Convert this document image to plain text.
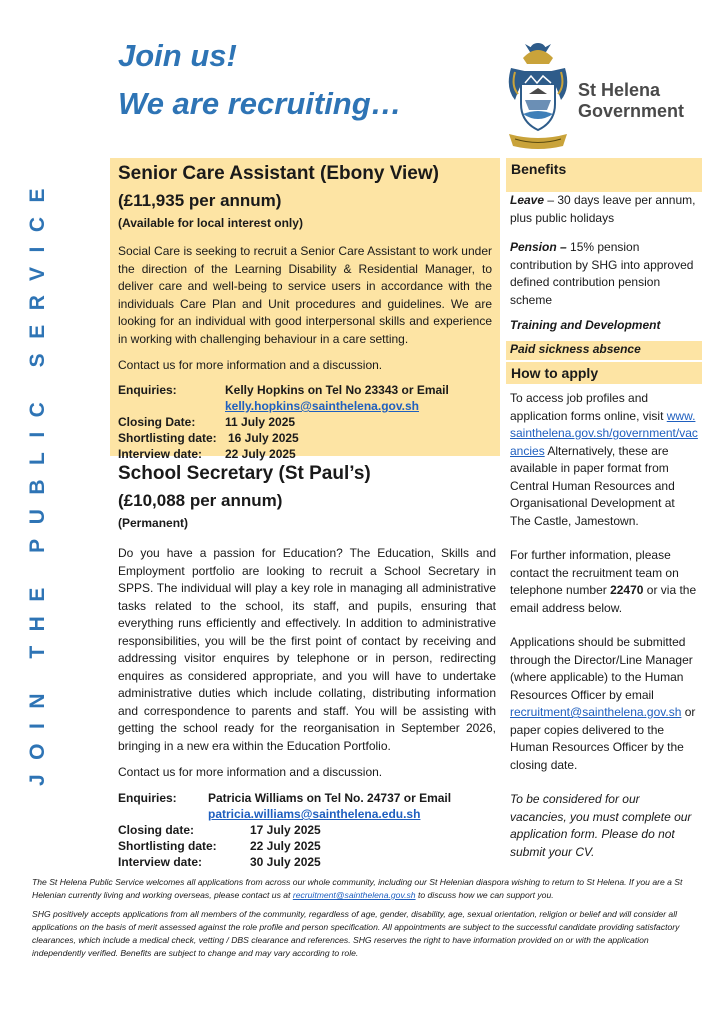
JOIN THE PUBLIC SERVICE
Join us!
We are recruiting…	St Helena
Government
Senior Care Assistant (Ebony View)
(£11,935 per annum)
(Available for local interest only)
Social Care is seeking to recruit a Senior Care Assistant to work under the direction of the Learning Disability & Residential Manager, to deliver care and well-being to service users in accordance with the individuals Care Plan and Unit procedures and guidelines. We are looking for an individual with good interpersonal skills and experience in working with challenging behaviour in a care setting.
Contact us for more information and a discussion.
Enquiries:	Kelly Hopkins on Tel No 23343 or Email
kelly.hopkins@sainthelena.gov.sh
Closing Date:	11 July 2025
Shortlisting date: 16 July 2025
Interview date:	22 July 2025
School Secretary (St Paul’s)
(£10,088 per annum)
(Permanent)
Do you have a passion for Education? The Education, Skills and Employment portfolio are looking to recruit a School Secretary in SPPS. The individual will play a key role in managing all administrative tasks related to the school, its staff, and pupils, ensuring that everything runs efficiently and effectively. In addition to administrative responsibilities, you will be the first point of contact by receiving and addressing visitor enquires by telephone or in person, redirecting enquires as considered appropriate, and you will have to undertake administrative duties which include collating, distributing information and correspondence to parents and staff. You will be assisting with getting the school ready for the reorganisation in September 2026, bringing in a new era within the Education Portfolio.
Contact us for more information and a discussion.
Enquiries:	Patricia Williams on Tel No. 24737 or Email
patricia.williams@sainthelena.edu.sh
Closing date:	17 July 2025
Shortlisting date:	22 July 2025
Interview date:	30 July 2025
Benefits

Leave – 30 days leave per annum, plus public holidays

Pension – 15% pension contribution by SHG into approved defined contribution pension scheme

Training and Development

Paid sickness absence

How to apply

To access job profiles and application forms online, visit www.sainthelena.gov.sh/government/vacancies Alternatively, these are available in paper format from Central Human Resources and Organisational Development at The Castle, Jamestown.

For further information, please contact the recruitment team on telephone number 22470 or via the email address below.

Applications should be submitted through the Director/Line Manager (where applicable) to the Human Resources Officer by email recruitment@sainthelena.gov.sh or paper copies delivered to the Human Resources Officer by the closing date.

To be considered for our vacancies, you must complete our application form. Please do not submit your CV.

The St Helena Public Service welcomes all applications from across our whole community, including our St Helenian diaspora wishing to return to St Helena. If you are a St Helenian currently living and working overseas, please contact us at recruitment@sainthelena.gov.sh to discuss how we can support you.

SHG positively accepts applications from all members of the community, regardless of age, gender, disability, age, sexual orientation, religion or belief and will consider all applications on the basis of merit assessed against the role profile and person specification. All appointments are subject to the successful candidate providing satisfactory clearances, which include a medical check, vetting / DBS clearance and references. SHG reserves the right to have information provided on or with the application independently verified. Benefits are subject to change and may vary according to role.
